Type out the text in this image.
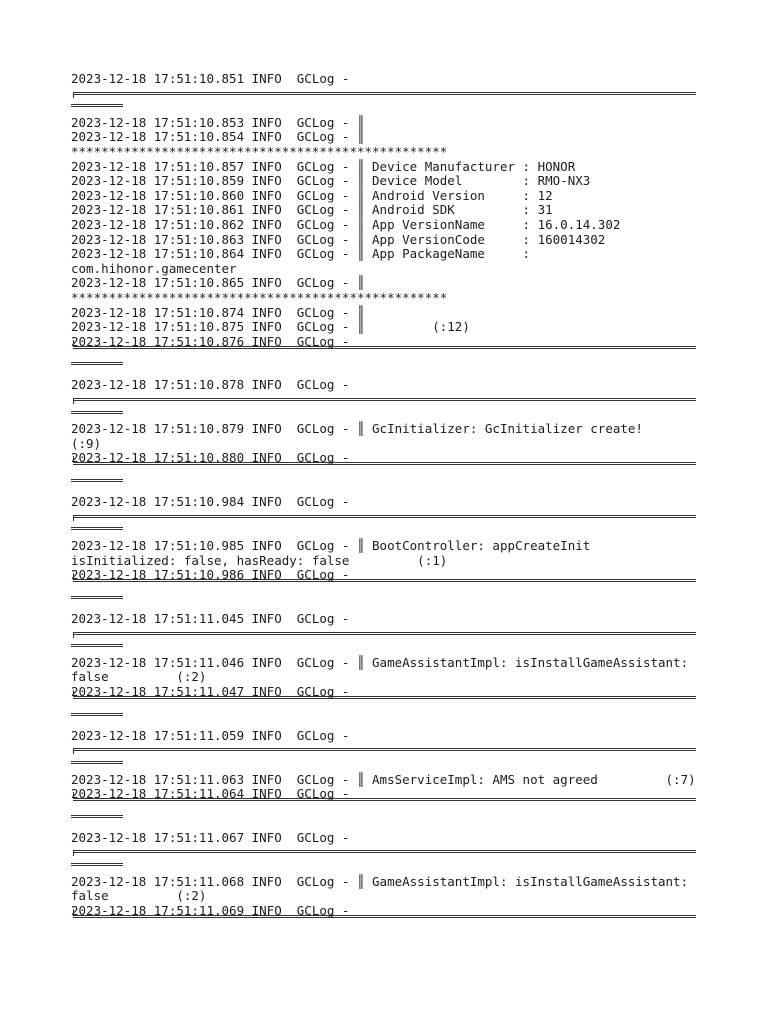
2023-12-18 17:51:10.851 INFO  GCLog -
2023-12-18 17:51:10.853 INFO  GCLog - ║
2023-12-18 17:51:10.854 INFO  GCLog - ║
**************************************************
2023-12-18 17:51:10.857 INFO  GCLog - ║ Device Manufacturer : HONOR
2023-12-18 17:51:10.859 INFO  GCLog - ║ Device Model        : RMO-NX3
2023-12-18 17:51:10.860 INFO  GCLog - ║ Android Version     : 12
2023-12-18 17:51:10.861 INFO  GCLog - ║ Android SDK         : 31
2023-12-18 17:51:10.862 INFO  GCLog - ║ App VersionName     : 16.0.14.302
2023-12-18 17:51:10.863 INFO  GCLog - ║ App VersionCode     : 160014302
2023-12-18 17:51:10.864 INFO  GCLog - ║ App PackageName     :
com.hihonor.gamecenter
2023-12-18 17:51:10.865 INFO  GCLog - ║
**************************************************
2023-12-18 17:51:10.874 INFO  GCLog - ║
2023-12-18 17:51:10.875 INFO  GCLog - ║         (:12)
2023-12-18 17:51:10.876 INFO  GCLog -
2023-12-18 17:51:10.878 INFO  GCLog -
2023-12-18 17:51:10.879 INFO  GCLog - ║ GcInitializer: GcInitializer create!
(:9)
2023-12-18 17:51:10.880 INFO  GCLog -
2023-12-18 17:51:10.984 INFO  GCLog -
2023-12-18 17:51:10.985 INFO  GCLog - ║ BootController: appCreateInit
isInitialized: false, hasReady: false         (:1)
2023-12-18 17:51:10.986 INFO  GCLog -
2023-12-18 17:51:11.045 INFO  GCLog -
2023-12-18 17:51:11.046 INFO  GCLog - ║ GameAssistantImpl: isInstallGameAssistant:
false         (:2)
2023-12-18 17:51:11.047 INFO  GCLog -
2023-12-18 17:51:11.059 INFO  GCLog -
2023-12-18 17:51:11.063 INFO  GCLog - ║ AmsServiceImpl: AMS not agreed         (:7)
2023-12-18 17:51:11.064 INFO  GCLog -
2023-12-18 17:51:11.067 INFO  GCLog -
2023-12-18 17:51:11.068 INFO  GCLog - ║ GameAssistantImpl: isInstallGameAssistant:
false         (:2)
2023-12-18 17:51:11.069 INFO  GCLog -
